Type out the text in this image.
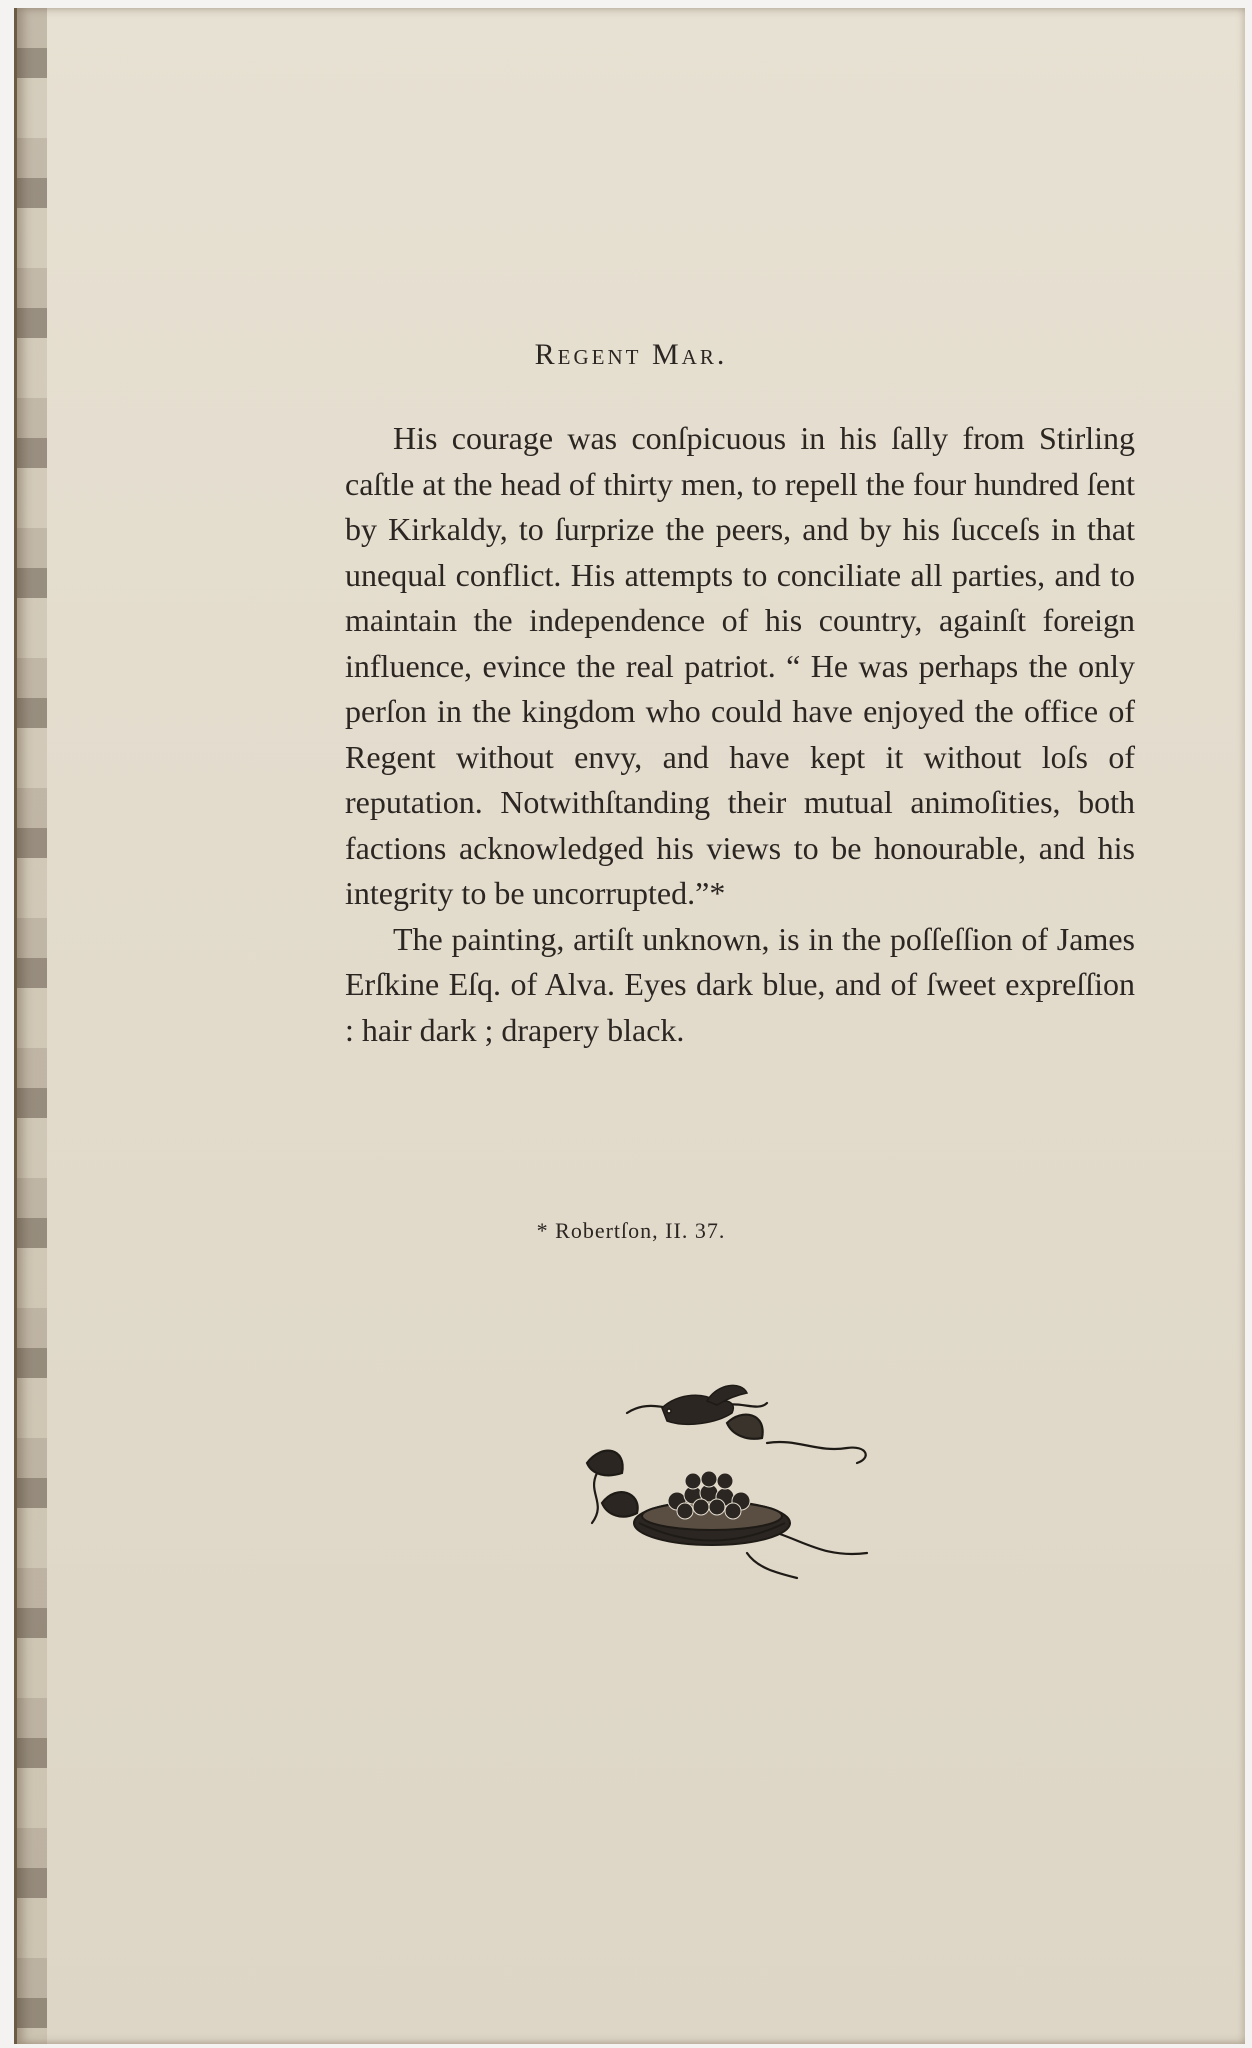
Regent Mar.

His courage was conſpicuous in his ſally from Stirling caſtle at the head of thirty men, to repell the four hundred ſent by Kirkaldy, to ſurprize the peers, and by his ſucceſs in that unequal conflict. His attempts to conciliate all parties, and to maintain the independence of his country, againſt foreign influence, evince the real patriot. “ He was perhaps the only perſon in the kingdom who could have enjoyed the office of Regent without envy, and have kept it without loſs of reputation. Notwithſtanding their mutual animoſities, both factions acknowledged his views to be honourable, and his integrity to be uncorrupted.”*

The painting, artiſt unknown, is in the poſſeſſion of James Erſkine Eſq. of Alva. Eyes dark blue, and of ſweet expreſſion : hair dark ; drapery black.

* Robertſon, II. 37.
